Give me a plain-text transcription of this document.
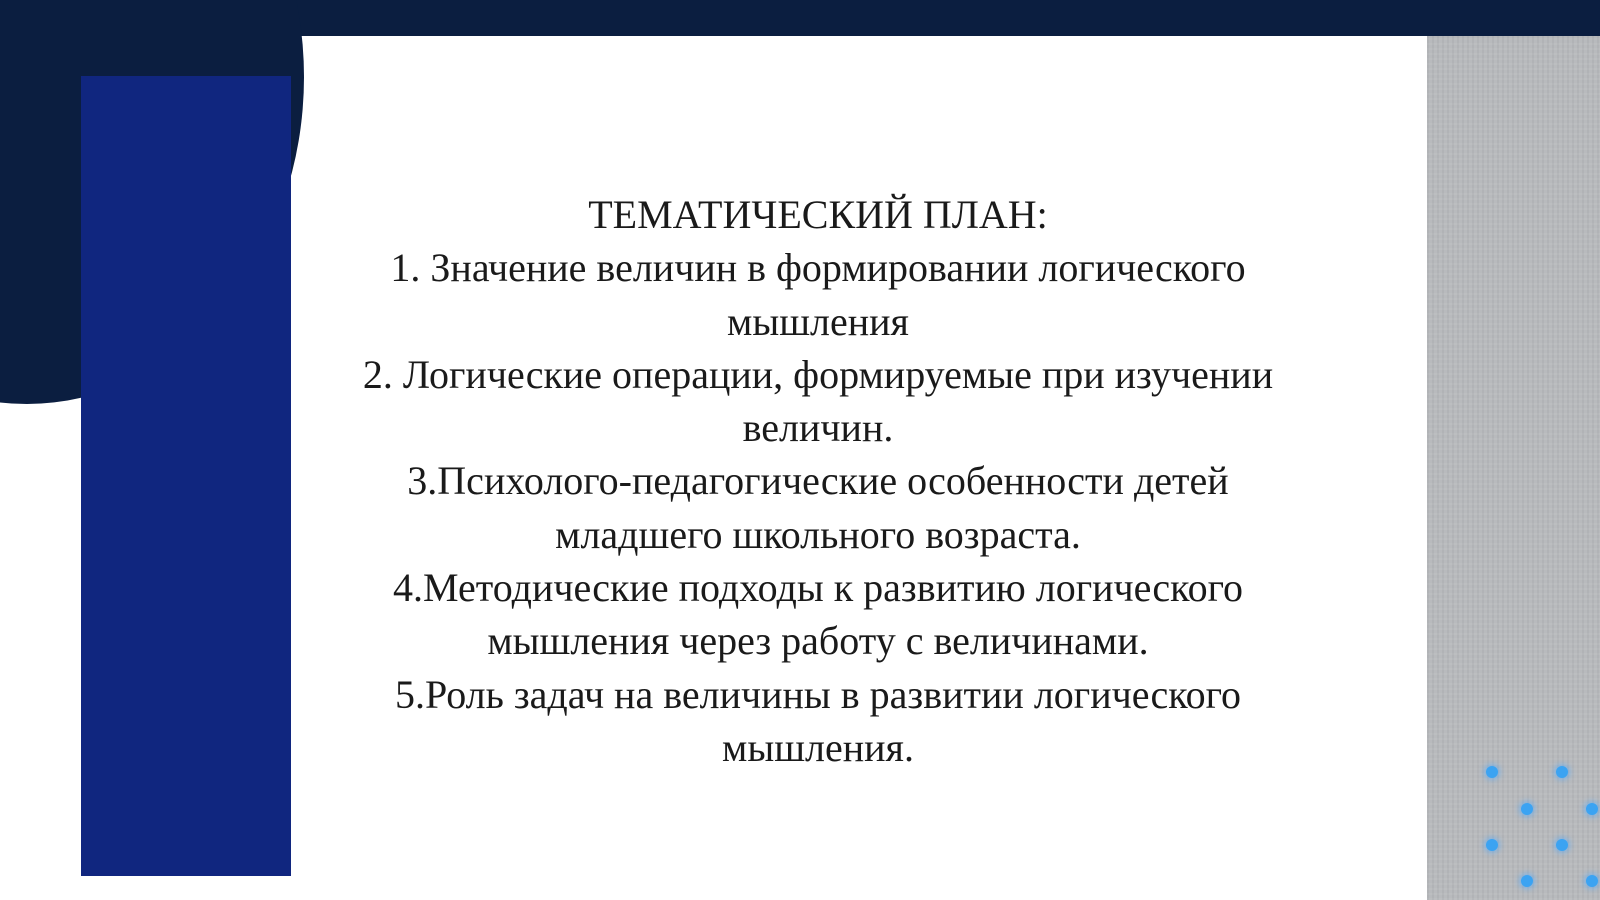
ТЕМАТИЧЕСКИЙ ПЛАН:

1. Значение величин в формировании логического мышления

2. Логические операции, формируемые при изучении величин.

3.Психолого-педагогические особенности детей младшего школьного возраста.

4.Методические подходы к развитию логического мышления через работу с величинами.

5.Роль задач на величины в развитии логического мышления.
